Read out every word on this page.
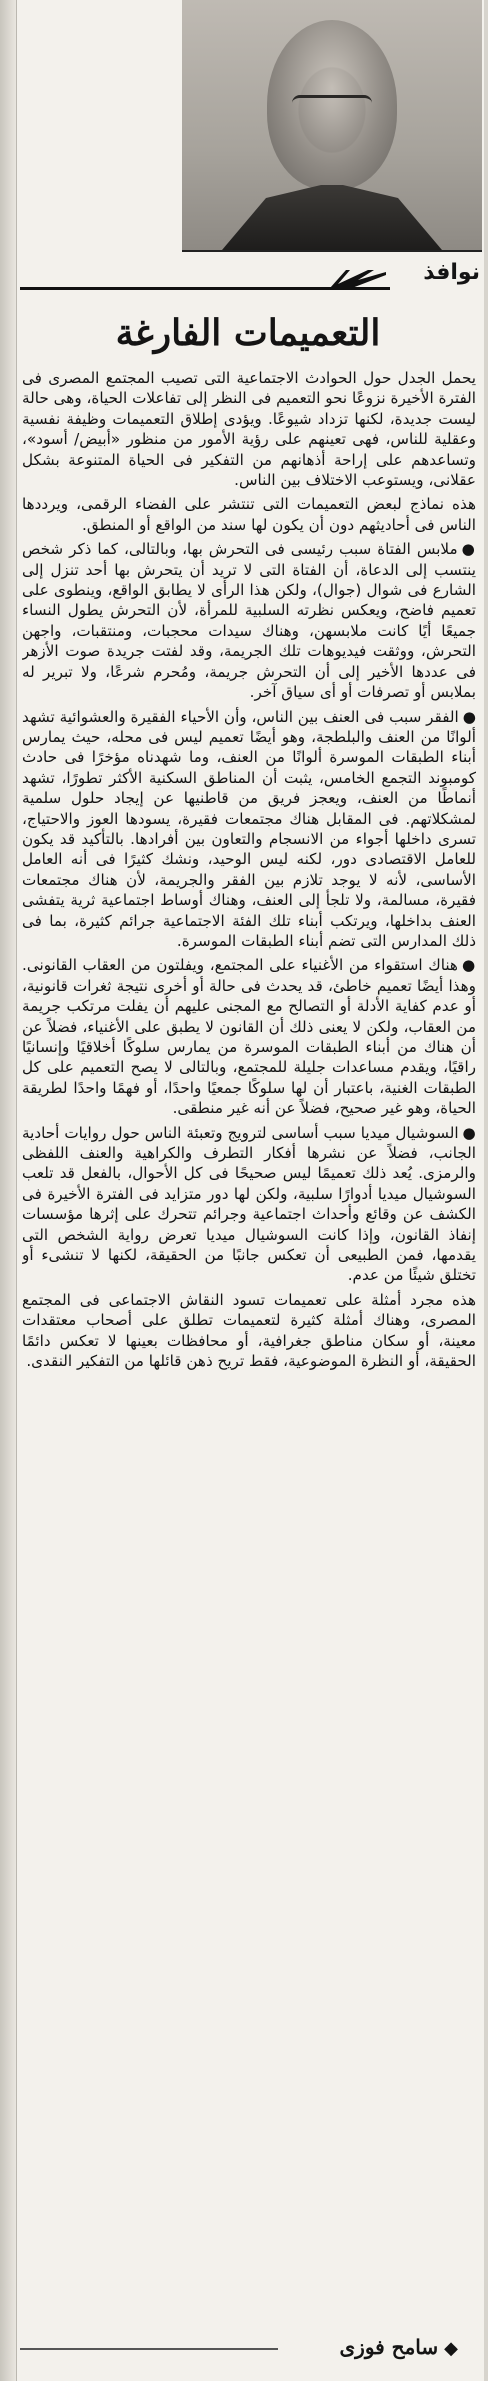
نوافذ
التعميمات الفارغة

يحمل الجدل حول الحوادث الاجتماعية التى تصيب المجتمع المصرى فى الفترة الأخيرة نزوعًا نحو التعميم فى النظر إلى تفاعلات الحياة، وهى حالة ليست جديدة، لكنها تزداد شيوعًا. ويؤدى إطلاق التعميمات وظيفة نفسية وعقلية للناس، فهى تعينهم على رؤية الأمور من منظور «أبيض/ أسود»، وتساعدهم على إراحة أذهانهم من التفكير فى الحياة المتنوعة بشكل عقلانى، ويستوعب الاختلاف بين الناس.

هذه نماذج لبعض التعميمات التى تنتشر على الفضاء الرقمى، ويرددها الناس فى أحاديثهم دون أن يكون لها سند من الواقع أو المنطق.

● ملابس الفتاة سبب رئيسى فى التحرش بها، وبالتالى، كما ذكر شخص ينتسب إلى الدعاة، أن الفتاة التى لا تريد أن يتحرش بها أحد تنزل إلى الشارع فى شوال (جوال)، ولكن هذا الرأى لا يطابق الواقع، وينطوى على تعميم فاضح، ويعكس نظرته السلبية للمرأة، لأن التحرش يطول النساء جميعًا أيًا كانت ملابسهن، وهناك سيدات محجبات، ومنتقبات، واجهن التحرش، ووثقت فيديوهات تلك الجريمة، وقد لفتت جريدة صوت الأزهر فى عددها الأخير إلى أن التحرش جريمة، ومُحرم شرعًا، ولا تبرير له بملابس أو تصرفات أو أى سياق آخر.

● الفقر سبب فى العنف بين الناس، وأن الأحياء الفقيرة والعشوائية تشهد ألوانًا من العنف والبلطجة، وهو أيضًا تعميم ليس فى محله، حيث يمارس أبناء الطبقات الموسرة ألوانًا من العنف، وما شهدناه مؤخرًا فى حادث كومبوند التجمع الخامس، يثبت أن المناطق السكنية الأكثر تطورًا، تشهد أنماطًا من العنف، ويعجز فريق من قاطنيها عن إيجاد حلول سلمية لمشكلاتهم. فى المقابل هناك مجتمعات فقيرة، يسودها العوز والاحتياج، تسرى داخلها أجواء من الانسجام والتعاون بين أفرادها. بالتأكيد قد يكون للعامل الاقتصادى دور، لكنه ليس الوحيد، ونشك كثيرًا فى أنه العامل الأساسى، لأنه لا يوجد تلازم بين الفقر والجريمة، لأن هناك مجتمعات فقيرة، مسالمة، ولا تلجأ إلى العنف، وهناك أوساط اجتماعية ثرية يتفشى العنف بداخلها، ويرتكب أبناء تلك الفئة الاجتماعية جرائم كثيرة، بما فى ذلك المدارس التى تضم أبناء الطبقات الموسرة.

● هناك استقواء من الأغنياء على المجتمع، ويفلتون من العقاب القانونى. وهذا أيضًا تعميم خاطئ، قد يحدث فى حالة أو أخرى نتيجة ثغرات قانونية، أو عدم كفاية الأدلة أو التصالح مع المجنى عليهم أن يفلت مرتكب جريمة من العقاب، ولكن لا يعنى ذلك أن القانون لا يطبق على الأغنياء، فضلاً عن أن هناك من أبناء الطبقات الموسرة من يمارس سلوكًا أخلاقيًا وإنسانيًا راقيًا، ويقدم مساعدات جليلة للمجتمع، وبالتالى لا يصح التعميم على كل الطبقات الغنية، باعتبار أن لها سلوكًا جمعيًا واحدًا، أو فهمًا واحدًا لطريقة الحياة، وهو غير صحيح، فضلاً عن أنه غير منطقى.

● السوشيال ميديا سبب أساسى لترويج وتعبئة الناس حول روايات أحادية الجانب، فضلاً عن نشرها أفكار التطرف والكراهية والعنف اللفظى والرمزى. يُعد ذلك تعميمًا ليس صحيحًا فى كل الأحوال، بالفعل قد تلعب السوشيال ميديا أدوارًا سلبية، ولكن لها دور متزايد فى الفترة الأخيرة فى الكشف عن وقائع وأحداث اجتماعية وجرائم تتحرك على إثرها مؤسسات إنفاذ القانون، وإذا كانت السوشيال ميديا تعرض رواية الشخص التى يقدمها، فمن الطبيعى أن تعكس جانبًا من الحقيقة، لكنها لا تنشىء أو تختلق شيئًا من عدم.

هذه مجرد أمثلة على تعميمات تسود النقاش الاجتماعى فى المجتمع المصرى، وهناك أمثلة كثيرة لتعميمات تطلق على أصحاب معتقدات معينة، أو سكان مناطق جغرافية، أو محافظات بعينها لا تعكس دائمًا الحقيقة، أو النظرة الموضوعية، فقط تريح ذهن قائلها من التفكير النقدى.

◆سامح فوزى
